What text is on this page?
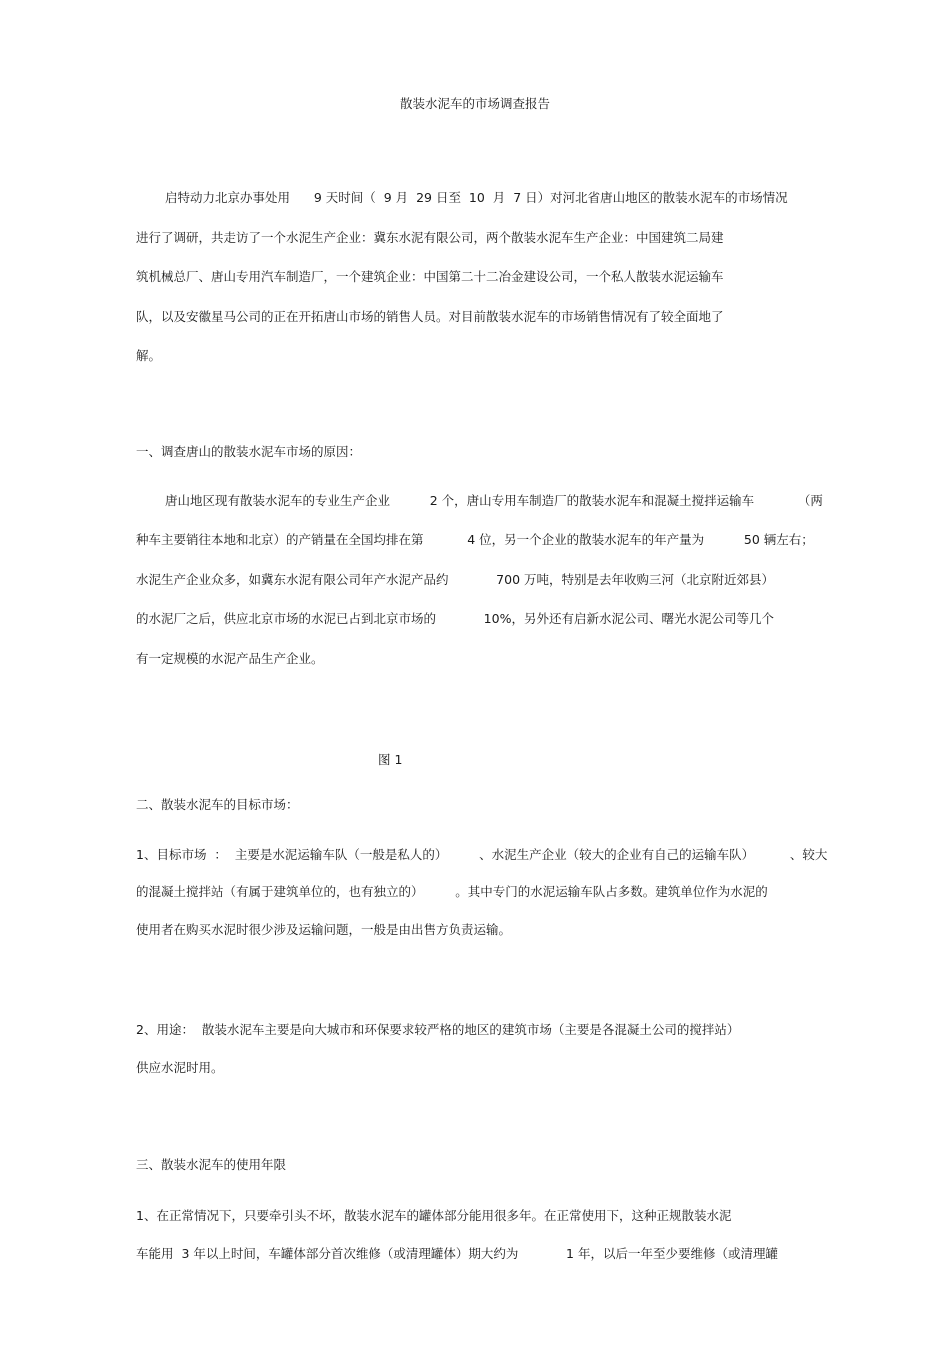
散装水泥车的市场调查报告
启特动力北京办事处用      9 天时间（  9 月  29 日至  10  月  7 日）对河北省唐山地区的散装水泥车的市场情况
进行了调研，共走访了一个水泥生产企业：冀东水泥有限公司，两个散装水泥车生产企业：中国建筑二局建
筑机械总厂、唐山专用汽车制造厂，一个建筑企业：中国第二十二冶金建设公司，一个私人散装水泥运输车
队，以及安徽星马公司的正在开拓唐山市场的销售人员。对目前散装水泥车的市场销售情况有了较全面地了
解。
一、调查唐山的散装水泥车市场的原因：
唐山地区现有散装水泥车的专业生产企业          2 个，唐山专用车制造厂的散装水泥车和混凝土搅拌运输车           （两
种车主要销往本地和北京）的产销量在全国均排在第           4 位，另一个企业的散装水泥车的年产量为          50 辆左右；
水泥生产企业众多，如冀东水泥有限公司年产水泥产品约            700 万吨，特别是去年收购三河（北京附近郊县）
的水泥厂之后，供应北京市场的水泥已占到北京市场的            10%，另外还有启新水泥公司、曙光水泥公司等几个
有一定规模的水泥产品生产企业。
图 1
二、散装水泥车的目标市场：
1、目标市场  ：  主要是水泥运输车队（一般是私人的）        、水泥生产企业（较大的企业有自己的运输车队）         、较大
的混凝土搅拌站（有属于建筑单位的，也有独立的）        。其中专门的水泥运输车队占多数。建筑单位作为水泥的
使用者在购买水泥时很少涉及运输问题，一般是由出售方负责运输。
2、用途：  散装水泥车主要是向大城市和环保要求较严格的地区的建筑市场（主要是各混凝土公司的搅拌站）
供应水泥时用。
三、散装水泥车的使用年限
1、在正常情况下，只要牵引头不坏，散装水泥车的罐体部分能用很多年。在正常使用下，这种正规散装水泥
车能用  3 年以上时间，车罐体部分首次维修（或清理罐体）期大约为            1 年，以后一年至少要维修（或清理罐
